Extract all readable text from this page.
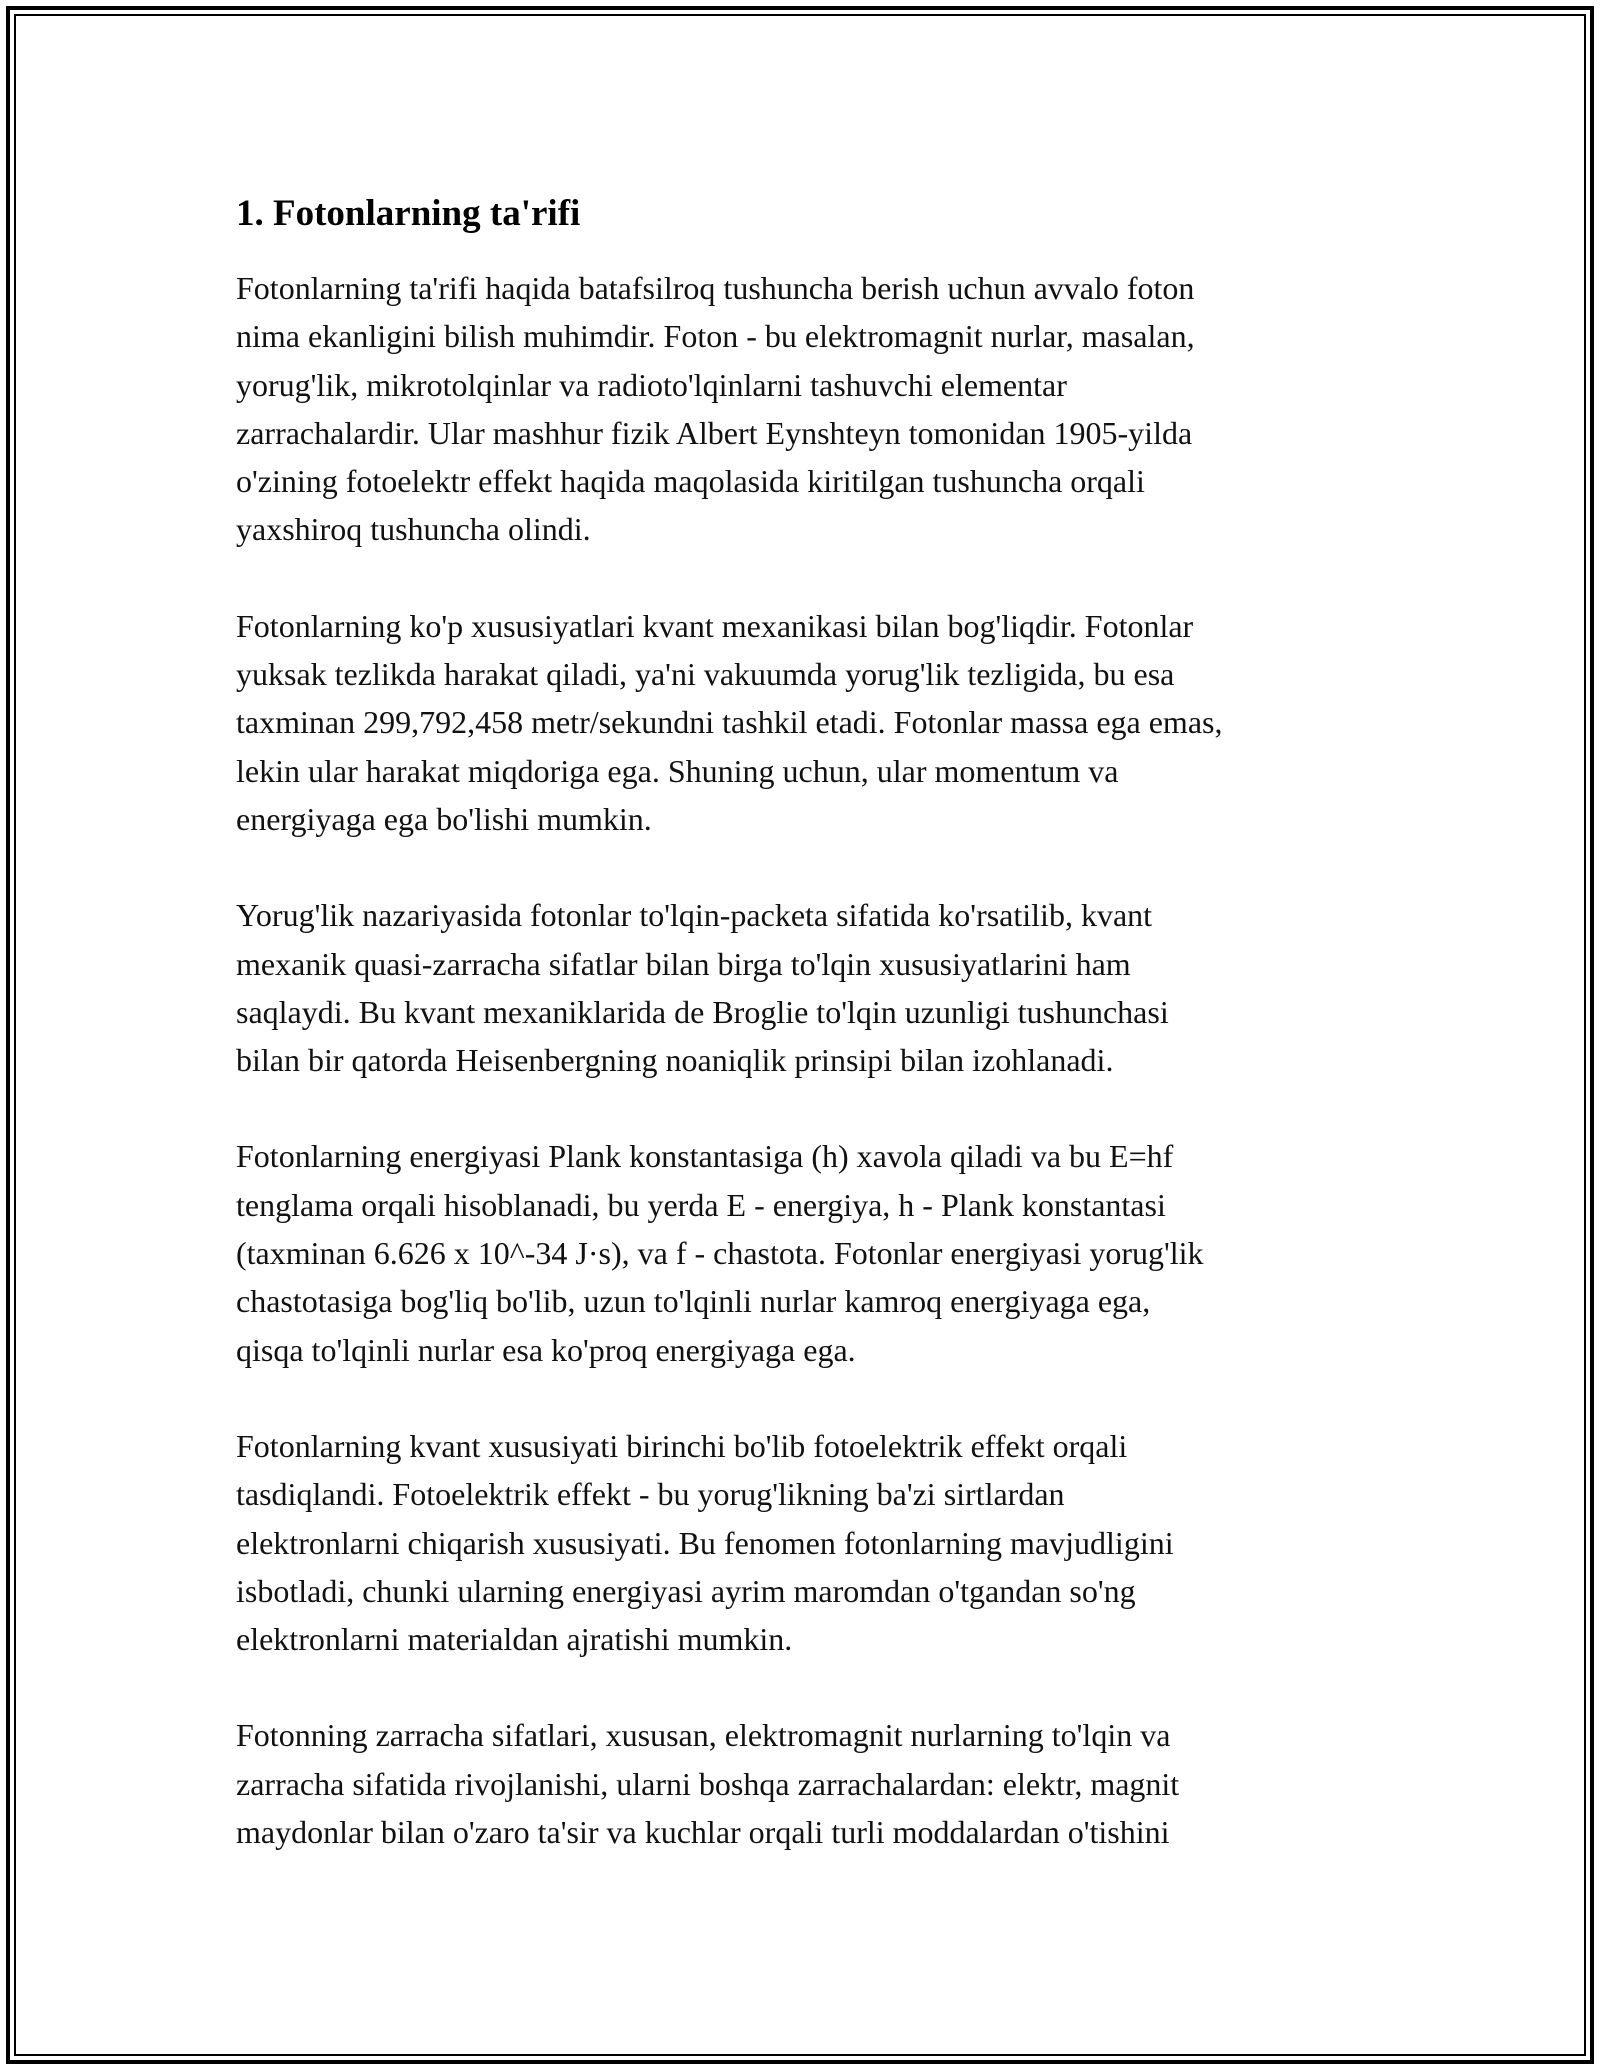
1. Fotonlarning ta'rifi

Fotonlarning ta'rifi haqida batafsilroq tushuncha berish uchun avvalo foton
nima ekanligini bilish muhimdir. Foton - bu elektromagnit nurlar, masalan,
yorug'lik, mikrotolqinlar va radioto'lqinlarni tashuvchi elementar
zarrachalardir. Ular mashhur fizik Albert Eynshteyn tomonidan 1905-yilda
o'zining fotoelektr effekt haqida maqolasida kiritilgan tushuncha orqali
yaxshiroq tushuncha olindi.

Fotonlarning ko'p xususiyatlari kvant mexanikasi bilan bog'liqdir. Fotonlar
yuksak tezlikda harakat qiladi, ya'ni vakuumda yorug'lik tezligida, bu esa
taxminan 299,792,458 metr/sekundni tashkil etadi. Fotonlar massa ega emas,
lekin ular harakat miqdoriga ega. Shuning uchun, ular momentum va
energiyaga ega bo'lishi mumkin.

Yorug'lik nazariyasida fotonlar to'lqin-packeta sifatida ko'rsatilib, kvant
mexanik quasi-zarracha sifatlar bilan birga to'lqin xususiyatlarini ham
saqlaydi. Bu kvant mexaniklarida de Broglie to'lqin uzunligi tushunchasi
bilan bir qatorda Heisenbergning noaniqlik prinsipi bilan izohlanadi.

Fotonlarning energiyasi Plank konstantasiga (h) xavola qiladi va bu E=hf
tenglama orqali hisoblanadi, bu yerda E - energiya, h - Plank konstantasi
(taxminan 6.626 x 10^-34 J·s), va f - chastota. Fotonlar energiyasi yorug'lik
chastotasiga bog'liq bo'lib, uzun to'lqinli nurlar kamroq energiyaga ega,
qisqa to'lqinli nurlar esa ko'proq energiyaga ega.

Fotonlarning kvant xususiyati birinchi bo'lib fotoelektrik effekt orqali
tasdiqlandi. Fotoelektrik effekt - bu yorug'likning ba'zi sirtlardan
elektronlarni chiqarish xususiyati. Bu fenomen fotonlarning mavjudligini
isbotladi, chunki ularning energiyasi ayrim maromdan o'tgandan so'ng
elektronlarni materialdan ajratishi mumkin.

Fotonning zarracha sifatlari, xususan, elektromagnit nurlarning to'lqin va
zarracha sifatida rivojlanishi, ularni boshqa zarrachalardan: elektr, magnit
maydonlar bilan o'zaro ta'sir va kuchlar orqali turli moddalardan o'tishini
